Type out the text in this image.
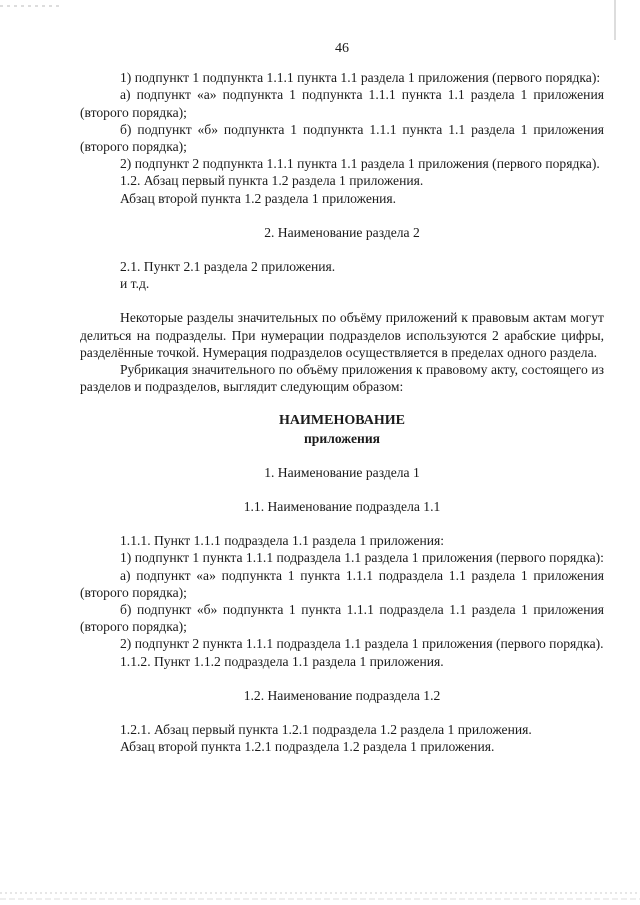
46

1) подпункт 1 подпункта 1.1.1 пункта 1.1 раздела 1 приложения (первого порядка):

а) подпункт «а» подпункта 1 подпункта 1.1.1 пункта 1.1 раздела 1 приложения (второго порядка);

б) подпункт «б» подпункта 1 подпункта 1.1.1 пункта 1.1 раздела 1 приложения (второго порядка);

2) подпункт 2 подпункта 1.1.1 пункта 1.1 раздела 1 приложения (первого порядка).

1.2. Абзац первый пункта 1.2 раздела 1 приложения.

Абзац второй пункта 1.2 раздела 1 приложения.

2. Наименование раздела 2

2.1. Пункт 2.1 раздела 2 приложения.

и т.д.

Некоторые разделы значительных по объёму приложений к правовым актам могут делиться на подразделы. При нумерации подразделов используются 2 арабские цифры, разделённые точкой. Нумерация подразделов осуществляется в пределах одного раздела.

Рубрикация значительного по объёму приложения к правовому акту, состоящего из разделов и подразделов, выглядит следующим образом:

НАИМЕНОВАНИЕ

приложения

1. Наименование раздела 1

1.1. Наименование подраздела 1.1

1.1.1. Пункт 1.1.1 подраздела 1.1 раздела 1 приложения:

1) подпункт 1 пункта 1.1.1 подраздела 1.1 раздела 1 приложения (первого порядка):

а) подпункт «а» подпункта 1 пункта 1.1.1 подраздела 1.1 раздела 1 приложения (второго порядка);

б) подпункт «б» подпункта 1 пункта 1.1.1 подраздела 1.1 раздела 1 приложения (второго порядка);

2) подпункт 2 пункта 1.1.1 подраздела 1.1 раздела 1 приложения (первого порядка).

1.1.2. Пункт 1.1.2 подраздела 1.1 раздела 1 приложения.

1.2. Наименование подраздела 1.2

1.2.1. Абзац первый пункта 1.2.1 подраздела 1.2 раздела 1 приложения.

Абзац второй пункта 1.2.1 подраздела 1.2 раздела 1 приложения.
